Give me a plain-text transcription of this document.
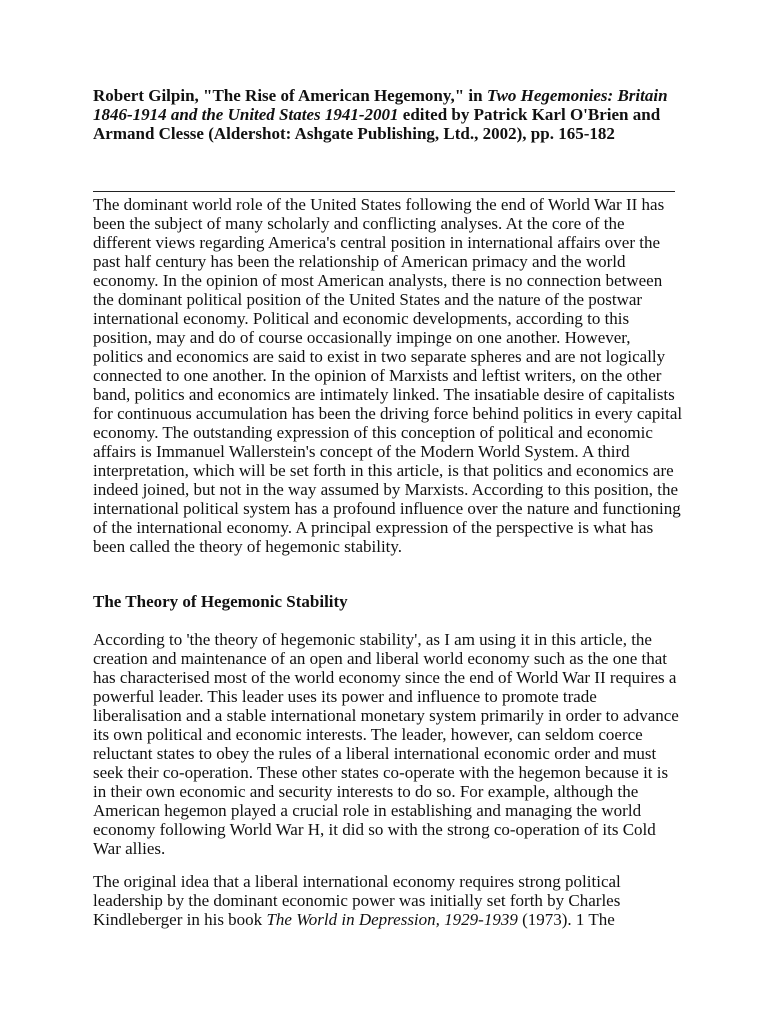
Robert Gilpin, "The Rise of American Hegemony," in Two Hegemonies: Britain 1846-1914 and the United States 1941-2001 edited by Patrick Karl O'Brien and Armand Clesse (Aldershot: Ashgate Publishing, Ltd., 2002), pp. 165-182

The dominant world role of the United States following the end of World War II has been the subject of many scholarly and conflicting analyses. At the core of the different views regarding America's central position in international affairs over the past half century has been the relationship of American primacy and the world economy. In the opinion of most American analysts, there is no connection between the dominant political position of the United States and the nature of the postwar international economy. Political and economic developments, according to this position, may and do of course occasionally impinge on one another. However, politics and economics are said to exist in two separate spheres and are not logically connected to one another. In the opinion of Marxists and leftist writers, on the other band, politics and economics are intimately linked. The insatiable desire of capitalists for continuous accumulation has been the driving force behind politics in every capital economy. The outstanding expression of this conception of political and economic affairs is Immanuel Wallerstein's concept of the Modern World System. A third interpretation, which will be set forth in this article, is that politics and economics are indeed joined, but not in the way assumed by Marxists. According to this position, the international political system has a profound influence over the nature and functioning of the international economy. A principal expression of the perspective is what has been called the theory of hegemonic stability.

The Theory of Hegemonic Stability

According to 'the theory of hegemonic stability', as I am using it in this article, the creation and maintenance of an open and liberal world economy such as the one that has characterised most of the world economy since the end of World War II requires a powerful leader. This leader uses its power and influence to promote trade liberalisation and a stable international monetary system primarily in order to advance its own political and economic interests. The leader, however, can seldom coerce reluctant states to obey the rules of a liberal international economic order and must seek their co-operation. These other states co-operate with the hegemon because it is in their own economic and security interests to do so. For example, although the American hegemon played a crucial role in establishing and managing the world economy following World War H, it did so with the strong co-operation of its Cold War allies.

The original idea that a liberal international economy requires strong political leadership by the dominant economic power was initially set forth by Charles Kindleberger in his book The World in Depression, 1929-1939 (1973). 1 The
